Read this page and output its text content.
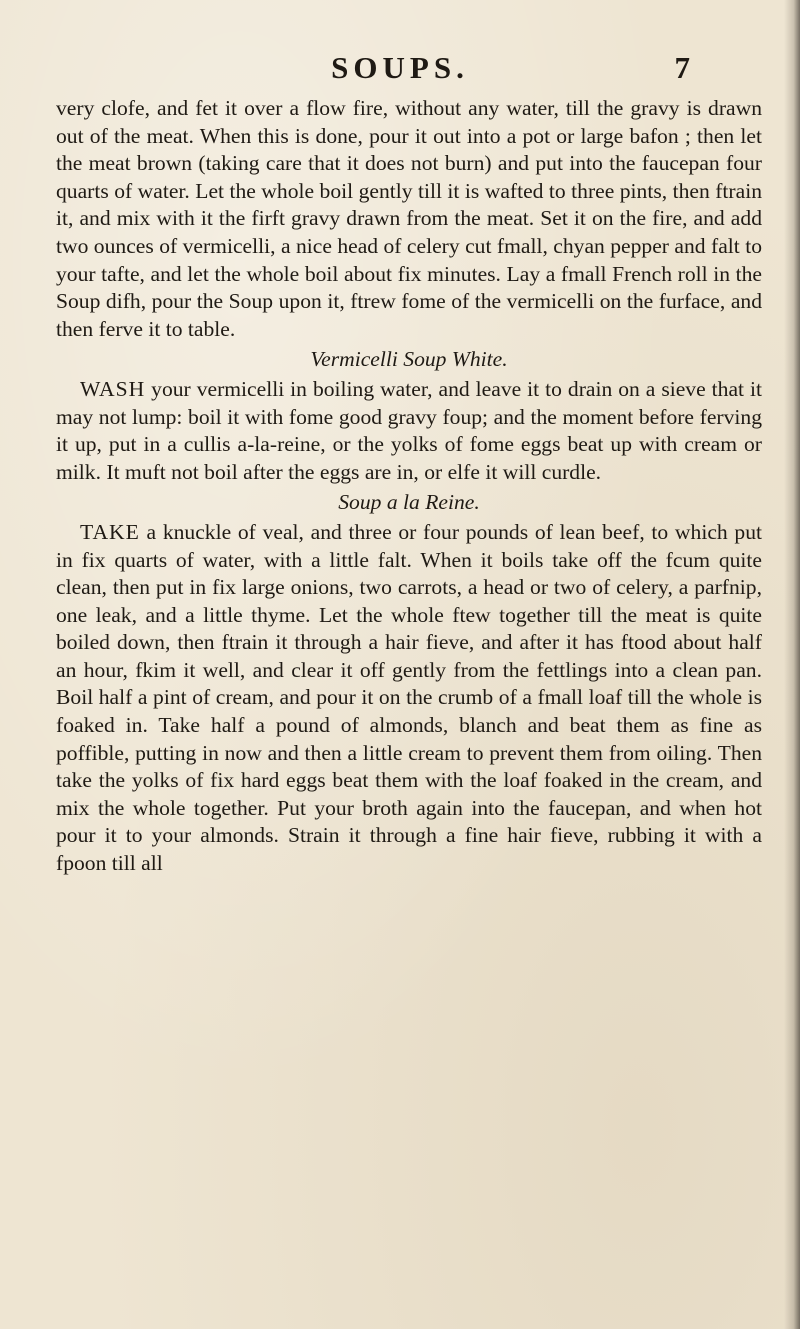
SOUPS.	7

very clofe, and fet it over a flow fire, without any water, till the gravy is drawn out of the meat. When this is done, pour it out into a pot or large bafon ; then let the meat brown (taking care that it does not burn) and put into the faucepan four quarts of water. Let the whole boil gently till it is wafted to three pints, then ftrain it, and mix with it the firft gravy drawn from the meat. Set it on the fire, and add two ounces of vermicelli, a nice head of celery cut fmall, chyan pepper and falt to your tafte, and let the whole boil about fix minutes. Lay a fmall French roll in the Soup difh, pour the Soup upon it, ftrew fome of the vermicelli on the furface, and then ferve it to table.

Vermicelli Soup White.

WASH your vermicelli in boiling water, and leave it to drain on a sieve that it may not lump: boil it with fome good gravy foup; and the moment before ferving it up, put in a cullis a-la-reine, or the yolks of fome eggs beat up with cream or milk. It muft not boil after the eggs are in, or elfe it will curdle.

Soup a la Reine.

TAKE a knuckle of veal, and three or four pounds of lean beef, to which put in fix quarts of water, with a little falt. When it boils take off the fcum quite clean, then put in fix large onions, two carrots, a head or two of celery, a parfnip, one leak, and a little thyme. Let the whole ftew together till the meat is quite boiled down, then ftrain it through a hair fieve, and after it has ftood about half an hour, fkim it well, and clear it off gently from the fettlings into a clean pan. Boil half a pint of cream, and pour it on the crumb of a fmall loaf till the whole is foaked in. Take half a pound of almonds, blanch and beat them as fine as poffible, putting in now and then a little cream to prevent them from oiling. Then take the yolks of fix hard eggs beat them with the loaf foaked in the cream, and mix the whole together. Put your broth again into the faucepan, and when hot pour it to your almonds. Strain it through a fine hair fieve, rubbing it with a fpoon till all
